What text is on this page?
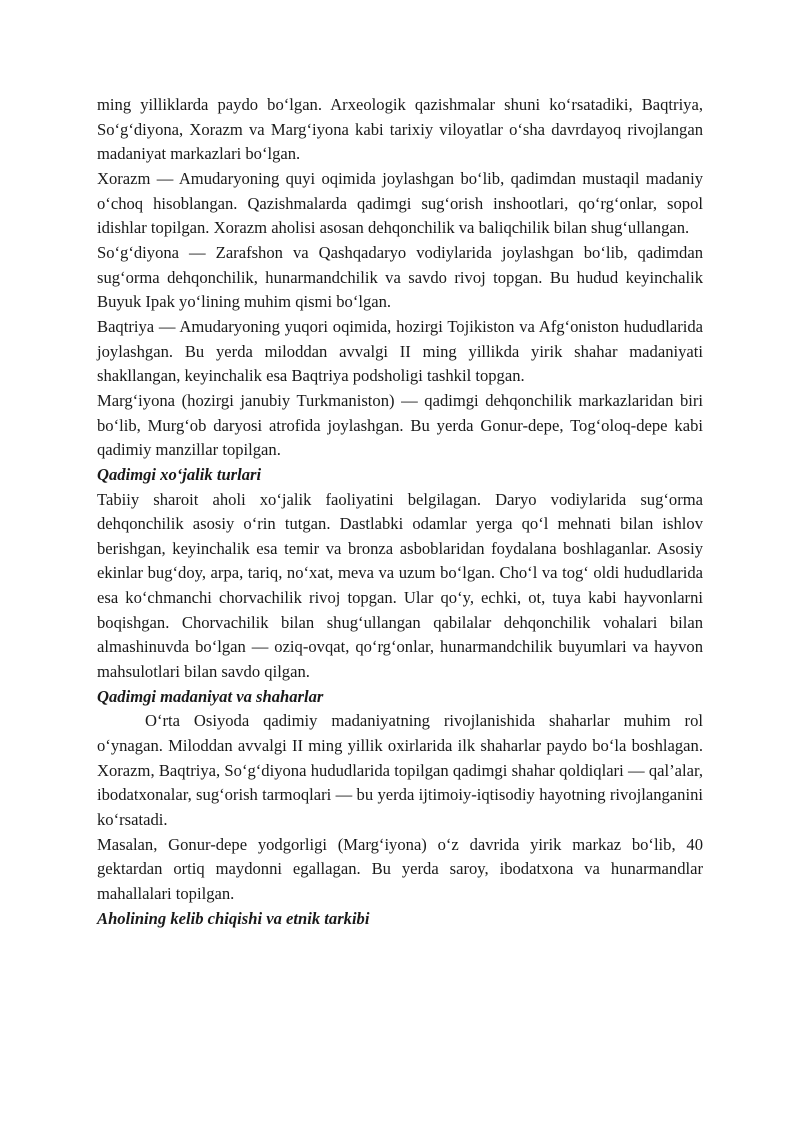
ming yilliklarda paydo bo‘lgan. Arxeologik qazishmalar shuni ko‘rsatadiki, Baqtriya, So‘g‘diyona, Xorazm va Marg‘iyona kabi tarixiy viloyatlar o‘sha davrdayoq rivojlangan madaniyat markazlari bo‘lgan.

Xorazm — Amudaryoning quyi oqimida joylashgan bo‘lib, qadimdan mustaqil madaniy o‘choq hisoblangan. Qazishmalarda qadimgi sug‘orish inshootlari, qo‘rg‘onlar, sopol idishlar topilgan. Xorazm aholisi asosan dehqonchilik va baliqchilik bilan shug‘ullangan.

So‘g‘diyona — Zarafshon va Qashqadaryo vodiylarida joylashgan bo‘lib, qadimdan sug‘orma dehqonchilik, hunarmandchilik va savdo rivoj topgan. Bu hudud keyinchalik Buyuk Ipak yo‘lining muhim qismi bo‘lgan.

Baqtriya — Amudaryoning yuqori oqimida, hozirgi Tojikiston va Afg‘oniston hududlarida joylashgan. Bu yerda miloddan avvalgi II ming yillikda yirik shahar madaniyati shakllangan, keyinchalik esa Baqtriya podsholigi tashkil topgan.

Marg‘iyona (hozirgi janubiy Turkmaniston) — qadimgi dehqonchilik markazlaridan biri bo‘lib, Murg‘ob daryosi atrofida joylashgan. Bu yerda Gonur-depe, Tog‘oloq-depe kabi qadimiy manzillar topilgan.

Qadimgi xo‘jalik turlari

Tabiiy sharoit aholi xo‘jalik faoliyatini belgilagan. Daryo vodiylarida sug‘orma dehqonchilik asosiy o‘rin tutgan. Dastlabki odamlar yerga qo‘l mehnati bilan ishlov berishgan, keyinchalik esa temir va bronza asboblaridan foydalana boshlaganlar. Asosiy ekinlar bug‘doy, arpa, tariq, no‘xat, meva va uzum bo‘lgan. Cho‘l va tog‘ oldi hududlarida esa ko‘chmanchi chorvachilik rivoj topgan. Ular qo‘y, echki, ot, tuya kabi hayvonlarni boqishgan. Chorvachilik bilan shug‘ullangan qabilalar dehqonchilik vohalari bilan almashinuvda bo‘lgan — oziq-ovqat, qo‘rg‘onlar, hunarmandchilik buyumlari va hayvon mahsulotlari bilan savdo qilgan.

Qadimgi madaniyat va shaharlar

O‘rta Osiyoda qadimiy madaniyatning rivojlanishida shaharlar muhim rol o‘ynagan. Miloddan avvalgi II ming yillik oxirlarida ilk shaharlar paydo bo‘la boshlagan. Xorazm, Baqtriya, So‘g‘diyona hududlarida topilgan qadimgi shahar qoldiqlari — qal’alar, ibodatxonalar, sug‘orish tarmoqlari — bu yerda ijtimoiy-iqtisodiy hayotning rivojlanganini ko‘rsatadi.

Masalan, Gonur-depe yodgorligi (Marg‘iyona) o‘z davrida yirik markaz bo‘lib, 40 gektardan ortiq maydonni egallagan. Bu yerda saroy, ibodatxona va hunarmandlar mahallalari topilgan.

Aholining kelib chiqishi va etnik tarkibi
